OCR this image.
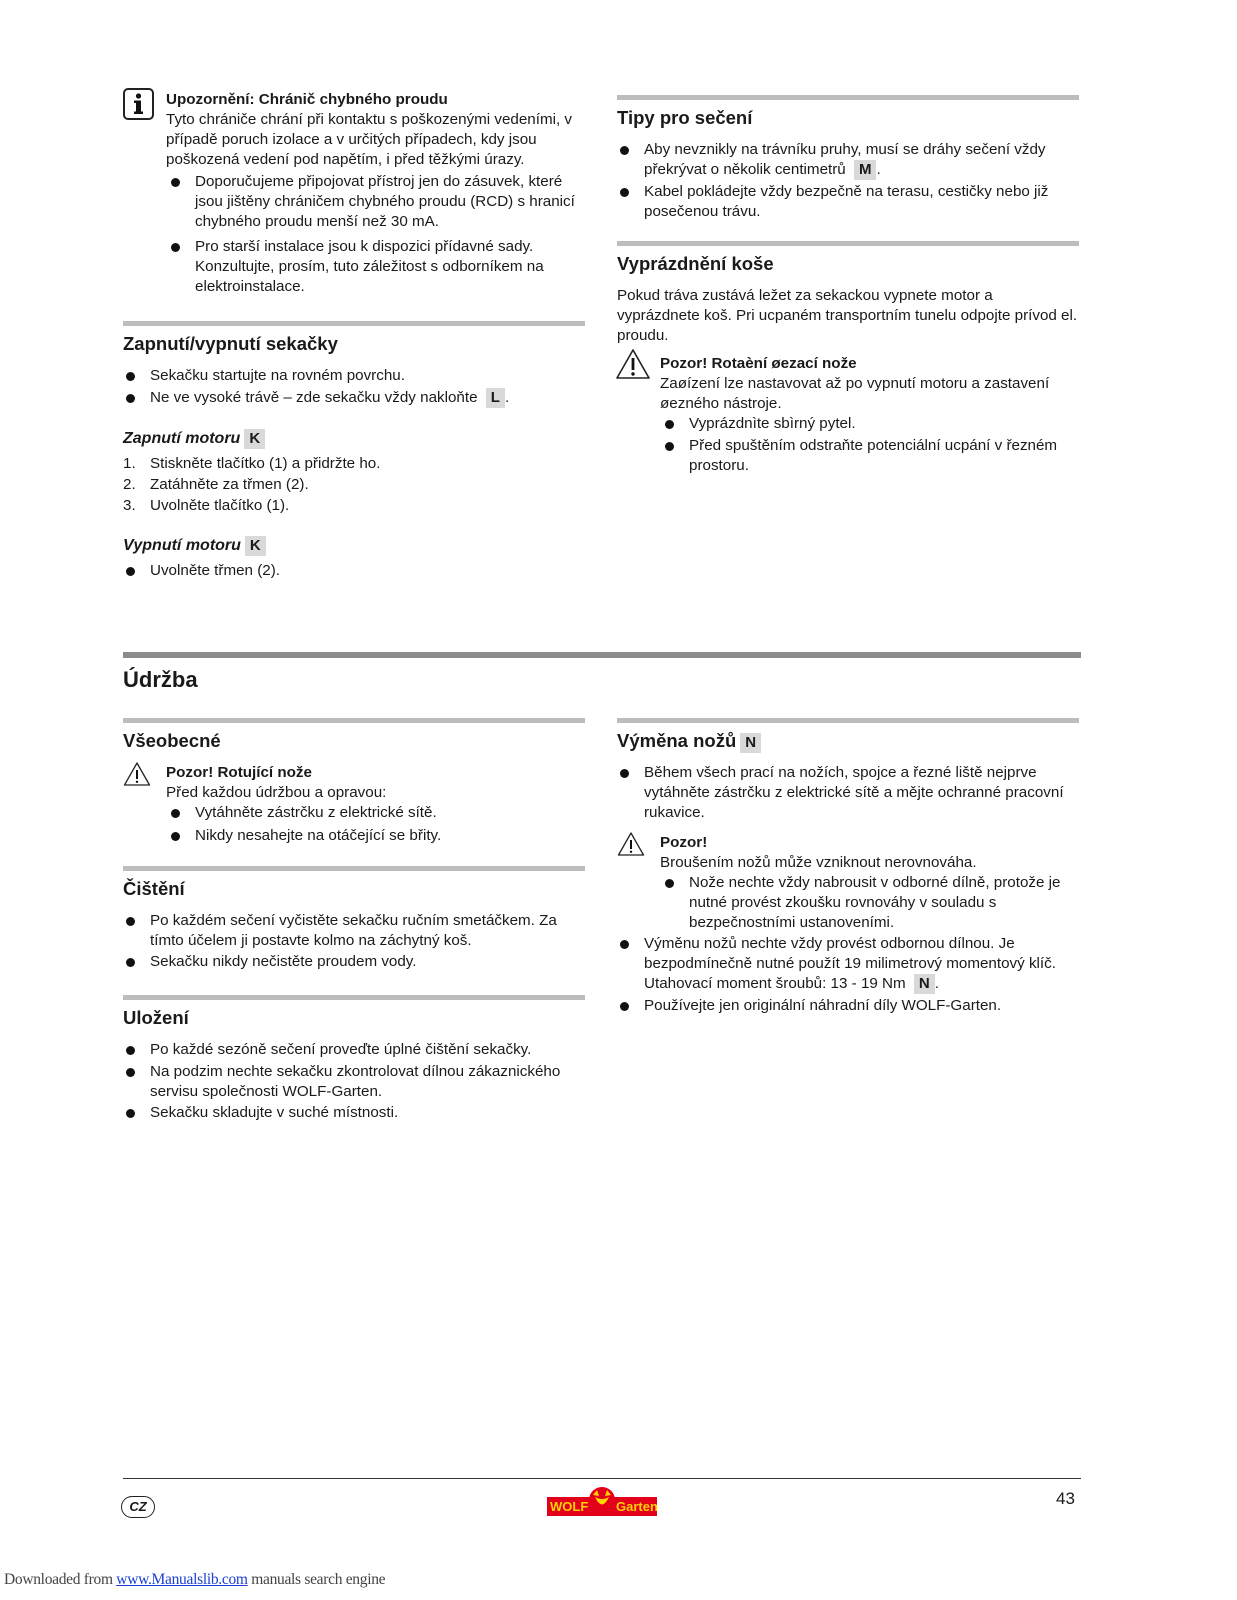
Upozornění: Chránič chybného proudu
Tyto chrániče chrání při kontaktu s poškozenými vedeními, v případě poruch izolace a v určitých případech, kdy jsou poškozená vedení pod napětím, i před těžkými úrazy.
Doporučujeme připojovat přístroj jen do zásuvek, které jsou jištěny chráničem chybného proudu (RCD) s hranicí chybného proudu menší než 30 mA.
Pro starší instalace jsou k dispozici přídavné sady. Konzultujte, prosím, tuto záležitost s odborníkem na elektroinstalace.
Zapnutí/vypnutí sekačky
Sekačku startujte na rovném povrchu.
Ne ve vysoké trávě – zde sekačku vždy nakloňte L .
Zapnutí motoru K
1. Stiskněte tlačítko (1) a přidržte ho.
2. Zatáhněte za třmen (2).
3. Uvolněte tlačítko (1).
Vypnutí motoru K
Uvolněte třmen (2).
Tipy pro sečení
Aby nevznikly na trávníku pruhy, musí se dráhy sečení vždy překrývat o několik centimetrů M .
Kabel pokládejte vždy bezpečně na terasu, cestičky nebo již posečenou trávu.
Vyprázdnění koše
Pokud tráva zustává ležet za sekackou vypnete motor a vyprázdnete koš. Pri ucpaném transportním tunelu odpojte prívod el. proudu.
Pozor! Rotaèní øezací nože
Zaøízení lze nastavovat až po vypnutí motoru a zastavení øezného nástroje.
Vyprázdnìte sbìrný pytel.
Před spuštěním odstraňte potenciální ucpání v řezném prostoru.
Údržba
Všeobecné
Pozor! Rotující nože
Před každou údržbou a opravou:
Vytáhněte zástrčku z elektrické sítě.
Nikdy nesahejte na otáčející se břity.
Čištění
Po každém sečení vyčistěte sekačku ručním smetáčkem. Za tímto účelem ji postavte kolmo na záchytný koš.
Sekačku nikdy nečistěte proudem vody.
Uložení
Po každé sezóně sečení proveďte úplné čištění sekačky.
Na podzim nechte sekačku zkontrolovat dílnou zákaznického servisu společnosti WOLF-Garten.
Sekačku skladujte v suché místnosti.
Výměna nožů N
Během všech prací na nožích, spojce a řezné liště nejprve vytáhněte zástrčku z elektrické sítě a mějte ochranné pracovní rukavice.
Pozor!
Broušením nožů může vzniknout nerovnováha.
Nože nechte vždy nabrousit v odborné dílně, protože je nutné provést zkoušku rovnováhy v souladu s bezpečnostními ustanoveními.
Výměnu nožů nechte vždy provést odbornou dílnou. Je bezpodmínečně nutné použít 19 milimetrový momentový klíč. Utahovací moment šroubů: 13 - 19 Nm N .
Používejte jen originální náhradní díly WOLF-Garten.
CZ	WOLF Garten	43
Downloaded from www.Manualslib.com manuals search engine
